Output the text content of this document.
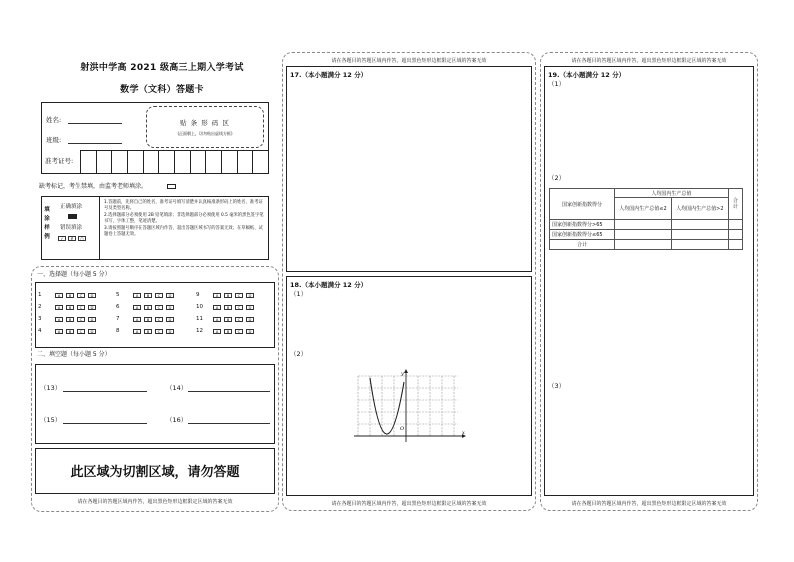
射洪中学高 2021 级高三上期入学考试
数学（文科）答题卡
姓名:
班级:
贴 条 形 码 区
(正面朝上，切勿贴出虚线方框)
准考证号:
缺考标记，考生禁填，由监考老师填涂。
填涂样例
正确填涂
错误填涂
✓	✗	○
1.答题前，先将自己的姓名、准考证号填写清楚并认真核准条形码上的姓名、准考证号及类型名称。
2.选择题部分必须使用 2B 铅笔填涂；非选择题部分必须使用 0.5 毫米的黑色签字笔书写，字体工整，笔迹清楚。
3.请按照题号顺序在答题区域内作答，超出答题区域书写的答案无效；在草稿纸、试题卷上答题无效。
一、选择题（每小题 5 分）
1	A	B	C	D
2	A	B	C	D
3	A	B	C	D
4	A	B	C	D
5	A	B	C	D
6	A	B	C	D
7	A	B	C	D
8	A	B	C	D
9	A	B	C	D
10	A	B	C	D
11	A	B	C	D
12	A	B	C	D
二、填空题（每小题 5 分）
（13）	（14）
（15）	（16）
此区域为切割区域，请勿答题
请在各题目的答题区域内作答，超出黑色矩形边框限定区域的答案无效
请在各题目的答题区域内作答，超出黑色矩形边框限定区域的答案无效
17.（本小题满分 12 分）
18.（本小题满分 12 分）
（1）
（2）
x
y
O
请在各题目的答题区域内作答，超出黑色矩形边框限定区域的答案无效
请在各题目的答题区域内作答，超出黑色矩形边框限定区域的答案无效
19.（本小题满分 12 分）
（1）
（2）
国家创新指数得分	人均国内生产总值		合计
	人均国内生产总值≤2	人均国内生产总值>2	
国家创新指数得分>65			
国家创新指数得分≤65			
合计			
（3）
请在各题目的答题区域内作答，超出黑色矩形边框限定区域的答案无效
